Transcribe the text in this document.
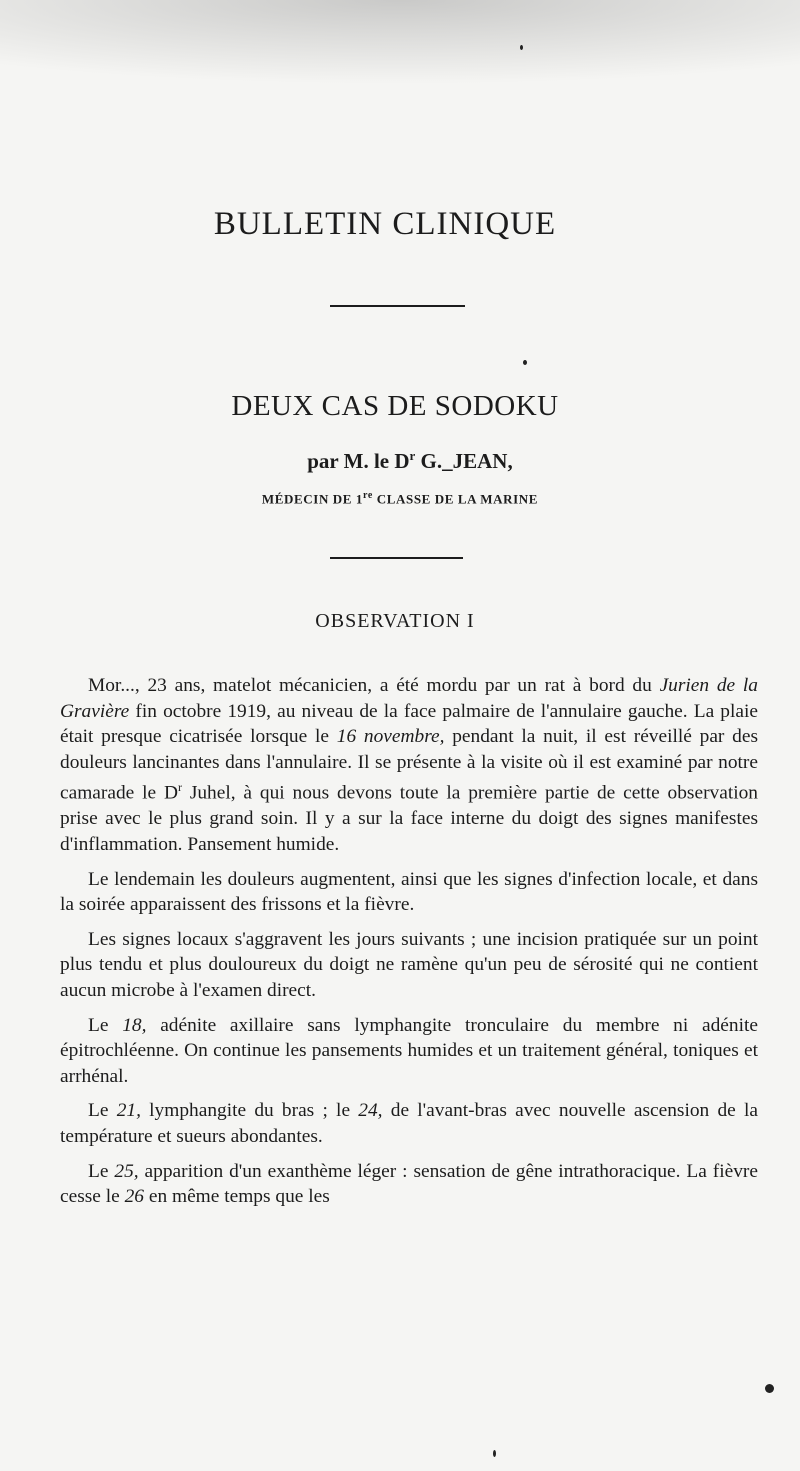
BULLETIN CLINIQUE
DEUX CAS DE SODOKU
par M. le $D^r$ G._JEAN,
MÉDECIN DE 1re CLASSE DE LA MARINE
OBSERVATION I

Mor..., 23 ans, matelot mécanicien, a été mordu par un rat à bord du Jurien de la Gravière fin octobre 1919, au niveau de la face palmaire de l'annulaire gauche. La plaie était presque cicatrisée lorsque le 16 novembre, pendant la nuit, il est réveillé par des douleurs lancinantes dans l'annulaire. Il se présente à la visite où il est examiné par notre camarade le $D^r$ Juhel, à qui nous devons toute la première partie de cette observation prise avec le plus grand soin. Il y a sur la face interne du doigt des signes manifestes d'inflammation. Pansement humide.

Le lendemain les douleurs augmentent, ainsi que les signes d'infection locale, et dans la soirée apparaissent des frissons et la fièvre.

Les signes locaux s'aggravent les jours suivants ; une incision pratiquée sur un point plus tendu et plus douloureux du doigt ne ramène qu'un peu de sérosité qui ne contient aucun microbe à l'examen direct.

Le 18, adénite axillaire sans lymphangite tronculaire du membre ni adénite épitrochléenne. On continue les pansements humides et un traitement général, toniques et arrhénal.

Le 21, lymphangite du bras ; le 24, de l'avant-bras avec nouvelle ascension de la température et sueurs abondantes.

Le 25, apparition d'un exanthème léger : sensation de gêne intrathoracique. La fièvre cesse le 26 en même temps que les
